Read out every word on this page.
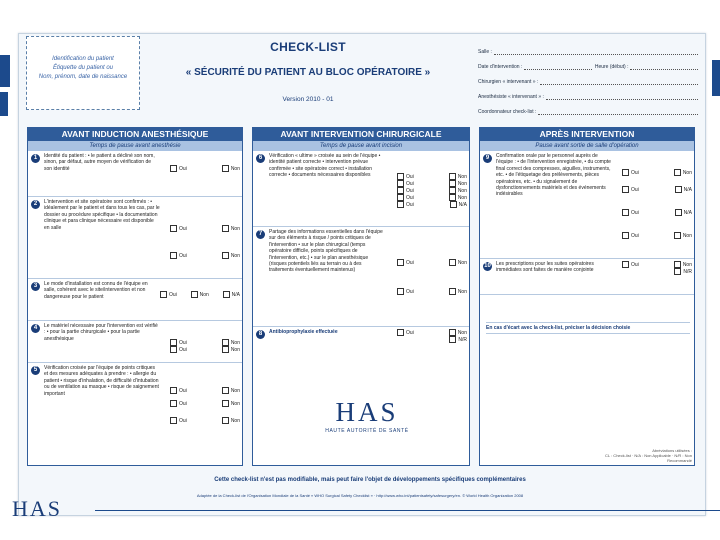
Identification du patient
Étiquette du patient ou
Nom, prénom, date de naissance
CHECK-LIST
« SÉCURITÉ DU PATIENT AU BLOC OPÉRATOIRE »
Version 2010 - 01
Salle :
Date d'intervention :	Heure (début) :
Chirurgien « intervenant » :
Anesthésiste « intervenant » :
Coordonnateur check-list :
AVANT INDUCTION ANESTHÉSIQUE
Temps de pause avant anesthésie
1	Identité du patient : • le patient a décliné son nom, sinon, par défaut, autre moyen de vérification de son identité	Oui	Non
2	L'intervention et site opératoire sont confirmés : • idéalement par le patient et dans tous les cas, par le dossier ou procédure spécifique • la documentation clinique et para clinique nécessaire est disponible en salle	Oui	Non
Oui	Non
3	Le mode d'installation est connu de l'équipe en salle, cohérent avec le site/intervention et non dangereuse pour le patient	Oui	Non	N/A
4	Le matériel nécessaire pour l'intervention est vérifié : • pour la partie chirurgicale • pour la partie anesthésique
Oui	Non
Oui	Non
5	Vérification croisée par l'équipe de points critiques et des mesures adéquates à prendre : • allergie du patient • risque d'inhalation, de difficulté d'intubation ou de ventilation au masque • risque de saignement important	Oui	Non
Oui	Non
Oui	Non
AVANT INTERVENTION CHIRURGICALE
Temps de pause avant incision
6	Vérification « ultime » croisée au sein de l'équipe • identité patient correcte • intervention prévue confirmée • site opératoire correct • installation correcte • documents nécessaires disponibles	Oui	Non
Oui	Non
Oui	Non
Oui	Non
Oui	N/A
7	Partage des informations essentielles dans l'équipe sur des éléments à risque / points critiques de l'intervention • sur le plan chirurgical (temps opératoire difficile, points spécifiques de l'intervention, etc.) • sur le plan anesthésique (risques potentiels liés au terrain ou à des traitements éventuellement maintenus)
Oui	Non
Oui	Non
8	Antibioprophylaxie effectuée	Oui	Non
N/R
HAS
HAUTE AUTORITÉ DE SANTÉ
APRÈS INTERVENTION
Pause avant sortie de salle d'opération
9	Confirmation orale par le personnel auprès de l'équipe : • de l'intervention enregistrée, • du compte final correct des compresses, aiguilles, instruments, etc. • de l'étiquetage des prélèvements, pièces opératoires, etc. • du signalement de dysfonctionnements matériels et des événements indésirables
Oui	Non
Oui	N/A
Oui	N/A
Oui	Non
10 Les prescriptions pour les suites opératoires immédiates sont faites de manière conjointe
Oui	Non
N/R
En cas d'écart avec la check-list, préciser la décision choisie
Abréviations utilisées :
CL : Check-list · N/A : Non Applicable · N/R : Non Recommandé
Cette check-list n'est pas modifiable, mais peut faire l'objet de développements spécifiques complémentaires
Adaptée de la Check-list de l'Organisation Mondiale de la Santé « WHO Surgical Safety Checklist » · http://www.who.int/patientsafety/safesurgery/en. © World Health Organization 2008
HAS
